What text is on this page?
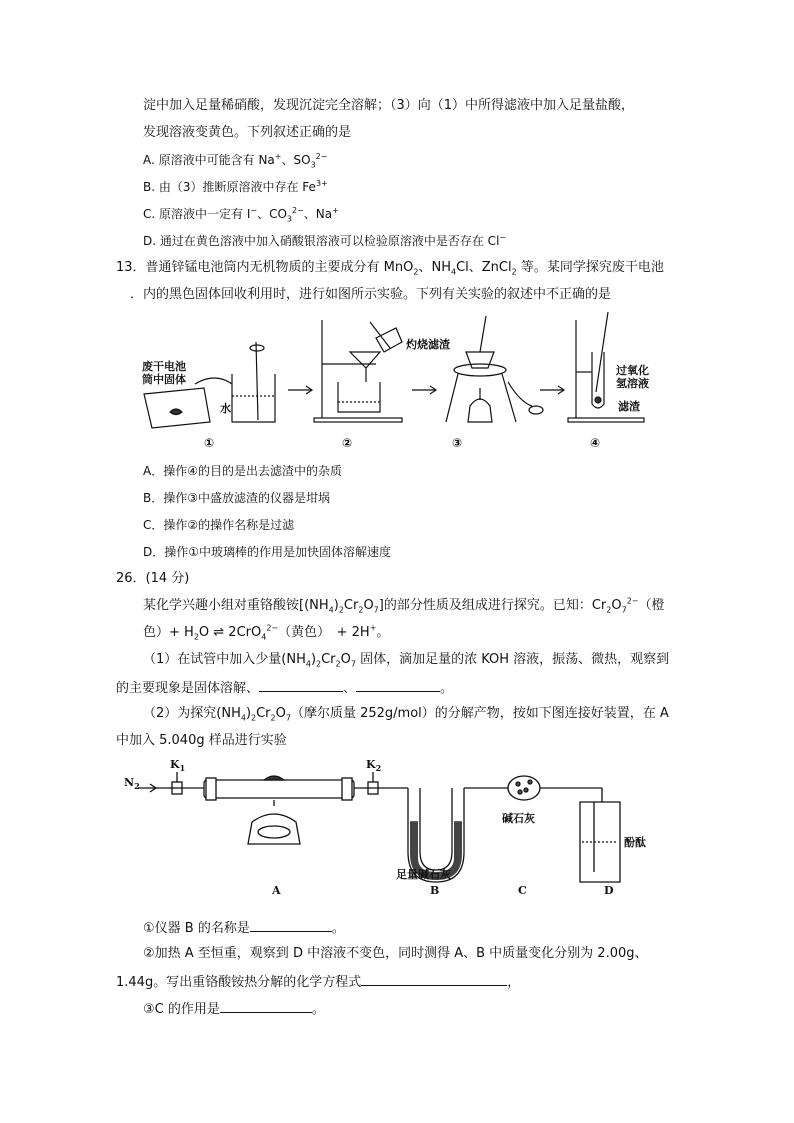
淀中加入足量稀硝酸，发现沉淀完全溶解；（3）向（1）中所得滤液中加入足量盐酸，
发现溶液变黄色。下列叙述正确的是
A. 原溶液中可能含有 Na+、$SO_3^{2-}$
B. 由（3）推断原溶液中存在 $Fe^{3+}$
C. 原溶液中一定有 I−、$CO_3^{2-}$、Na+
D. 通过在黄色溶液中加入硝酸银溶液可以检验原溶液中是否存在 Cl−
13．普通锌锰电池筒内无机物质的主要成分有 MnO$_2$、$NH_4Cl$、ZnCl$_2$ 等。某同学探究废干电池
．内的黑色固体回收利用时，进行如图所示实验。下列有关实验的叙述中不正确的是
废干电池
筒中固体
水
灼烧滤渣
过氧化
氢溶液
滤渣
①	②	③	④
A．操作④的目的是出去滤渣中的杂质
B．操作③中盛放滤渣的仪器是坩埚
C．操作②的操作名称是过滤
D．操作①中玻璃棒的作用是加快固体溶解速度
26．(14 分)
某化学兴趣小组对重铬酸铵$[(NH_4)_2Cr_2O_7]$的部分性质及组成进行探究。已知：$Cr_2O_7^{2-}$（橙
色）+ $H_2O$ ⇌ 2CrO$_4^{2-}$（黄色）　+ 2H+。
（1）在试管中加入少量$(NH_4)_2Cr_2O_7$ 固体，滴加足量的浓 KOH 溶液，振荡、微热，观察到
的主要现象是固体溶解、	、	。
（2）为探究$(NH_4)_2Cr_2O_7$（摩尔质量 252g/mol）的分解产物，按如下图连接好装置，在 A
中加入 5.040g 样品进行实验
$N_2$
$K_1$	$K_2$
碱石灰
足量碱石灰
酚酞
A	B	C	D
①仪器 B 的名称是	。
②加热 A 至恒重，观察到 D 中溶液不变色，同时测得 A、B 中质量变化分别为 2.00g、
1.44g。写出重铬酸铵热分解的化学方程式	，
③C 的作用是	。
